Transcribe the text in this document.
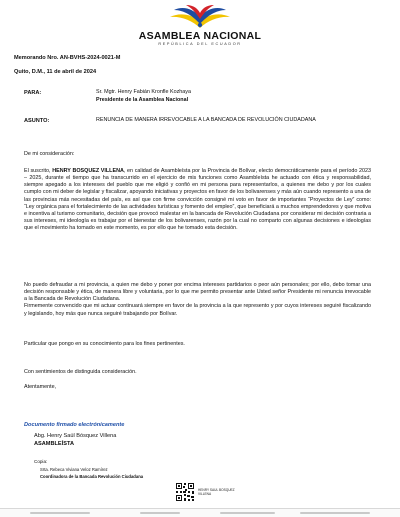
ASAMBLEA NACIONAL
REPÚBLICA DEL ECUADOR
Memorando Nro. AN-BVHS-2024-0021-M
Quito, D.M., 11 de abril de 2024
PARA:	Sr. Mgtr. Henry Fabián Kronfle Kozhaya
Presidente de la Asamblea Nacional
ASUNTO:	RENUNCIA DE MANERA IRREVOCABLE A LA BANCADA DE REVOLUCIÓN CIUDADANA
De mi consideración:
El suscrito, HENRY BOSQUEZ VILLENA, en calidad de Asambleísta por la Provincia de Bolívar, electo democráticamente para el período 2023 – 2025, durante el tiempo que ha transcurrido en el ejercicio de mis funciones como Asambleísta he actuado con ética y responsabilidad, siempre apegado a los intereses del pueblo que me eligió y confió en mi persona para representarlos, a quienes me debo y por los cuales cumplo con mi deber de legislar y fiscalizar, apoyando iniciativas y proyectos en favor de los bolivarenses y más aún cuando represento a una de las provincias más necesitadas del país, es así que con firme convicción consigné mi voto en favor de importantes “Proyectos de Ley” como: “Ley orgánica para el fortalecimiento de las actividades turísticas y fomento del empleo”, que beneficiará a muchos emprendedores y que motiva e incentiva al turismo comunitario, decisión que provocó malestar en la bancada de Revolución Ciudadana por considerar mi decisión contraria a sus intereses, mi ideología es trabajar por el bienestar de los bolivarenses, razón por la cual no comparto con algunas decisiones e ideologías que el movimiento ha tomado en este momento, es por ello que he tomado esta decisión.
No puedo defraudar a mi provincia, a quien me debo y poner por encima intereses partidarios o peor aún personales; por ello, debo tomar una decisión responsable y ética, de manera libre y voluntaria, por lo que me permito presentar ante Usted señor Presidente mi renuncia irrevocable a la Bancada de Revolución Ciudadana.
Firmemente convencido que mi actuar continuará siempre en favor de la provincia a la que represento y por cuyos intereses seguiré fiscalizando y legislando, hoy más que nunca seguiré trabajando por Bolívar.
Particular que pongo en su conocimiento para los fines pertinentes.
Con sentimientos de distinguida consideración.
Atentamente,
Documento firmado electrónicamente
Abg. Henry Saúl Bósquez Villena
ASAMBLEÍSTA
Copia:
Srta. Rebeca Viviana Veloz Ramírez
Coordinadora de la Bancada Revolución Ciudadana
HENRY SAUL BOSQUEZ VILLENA
